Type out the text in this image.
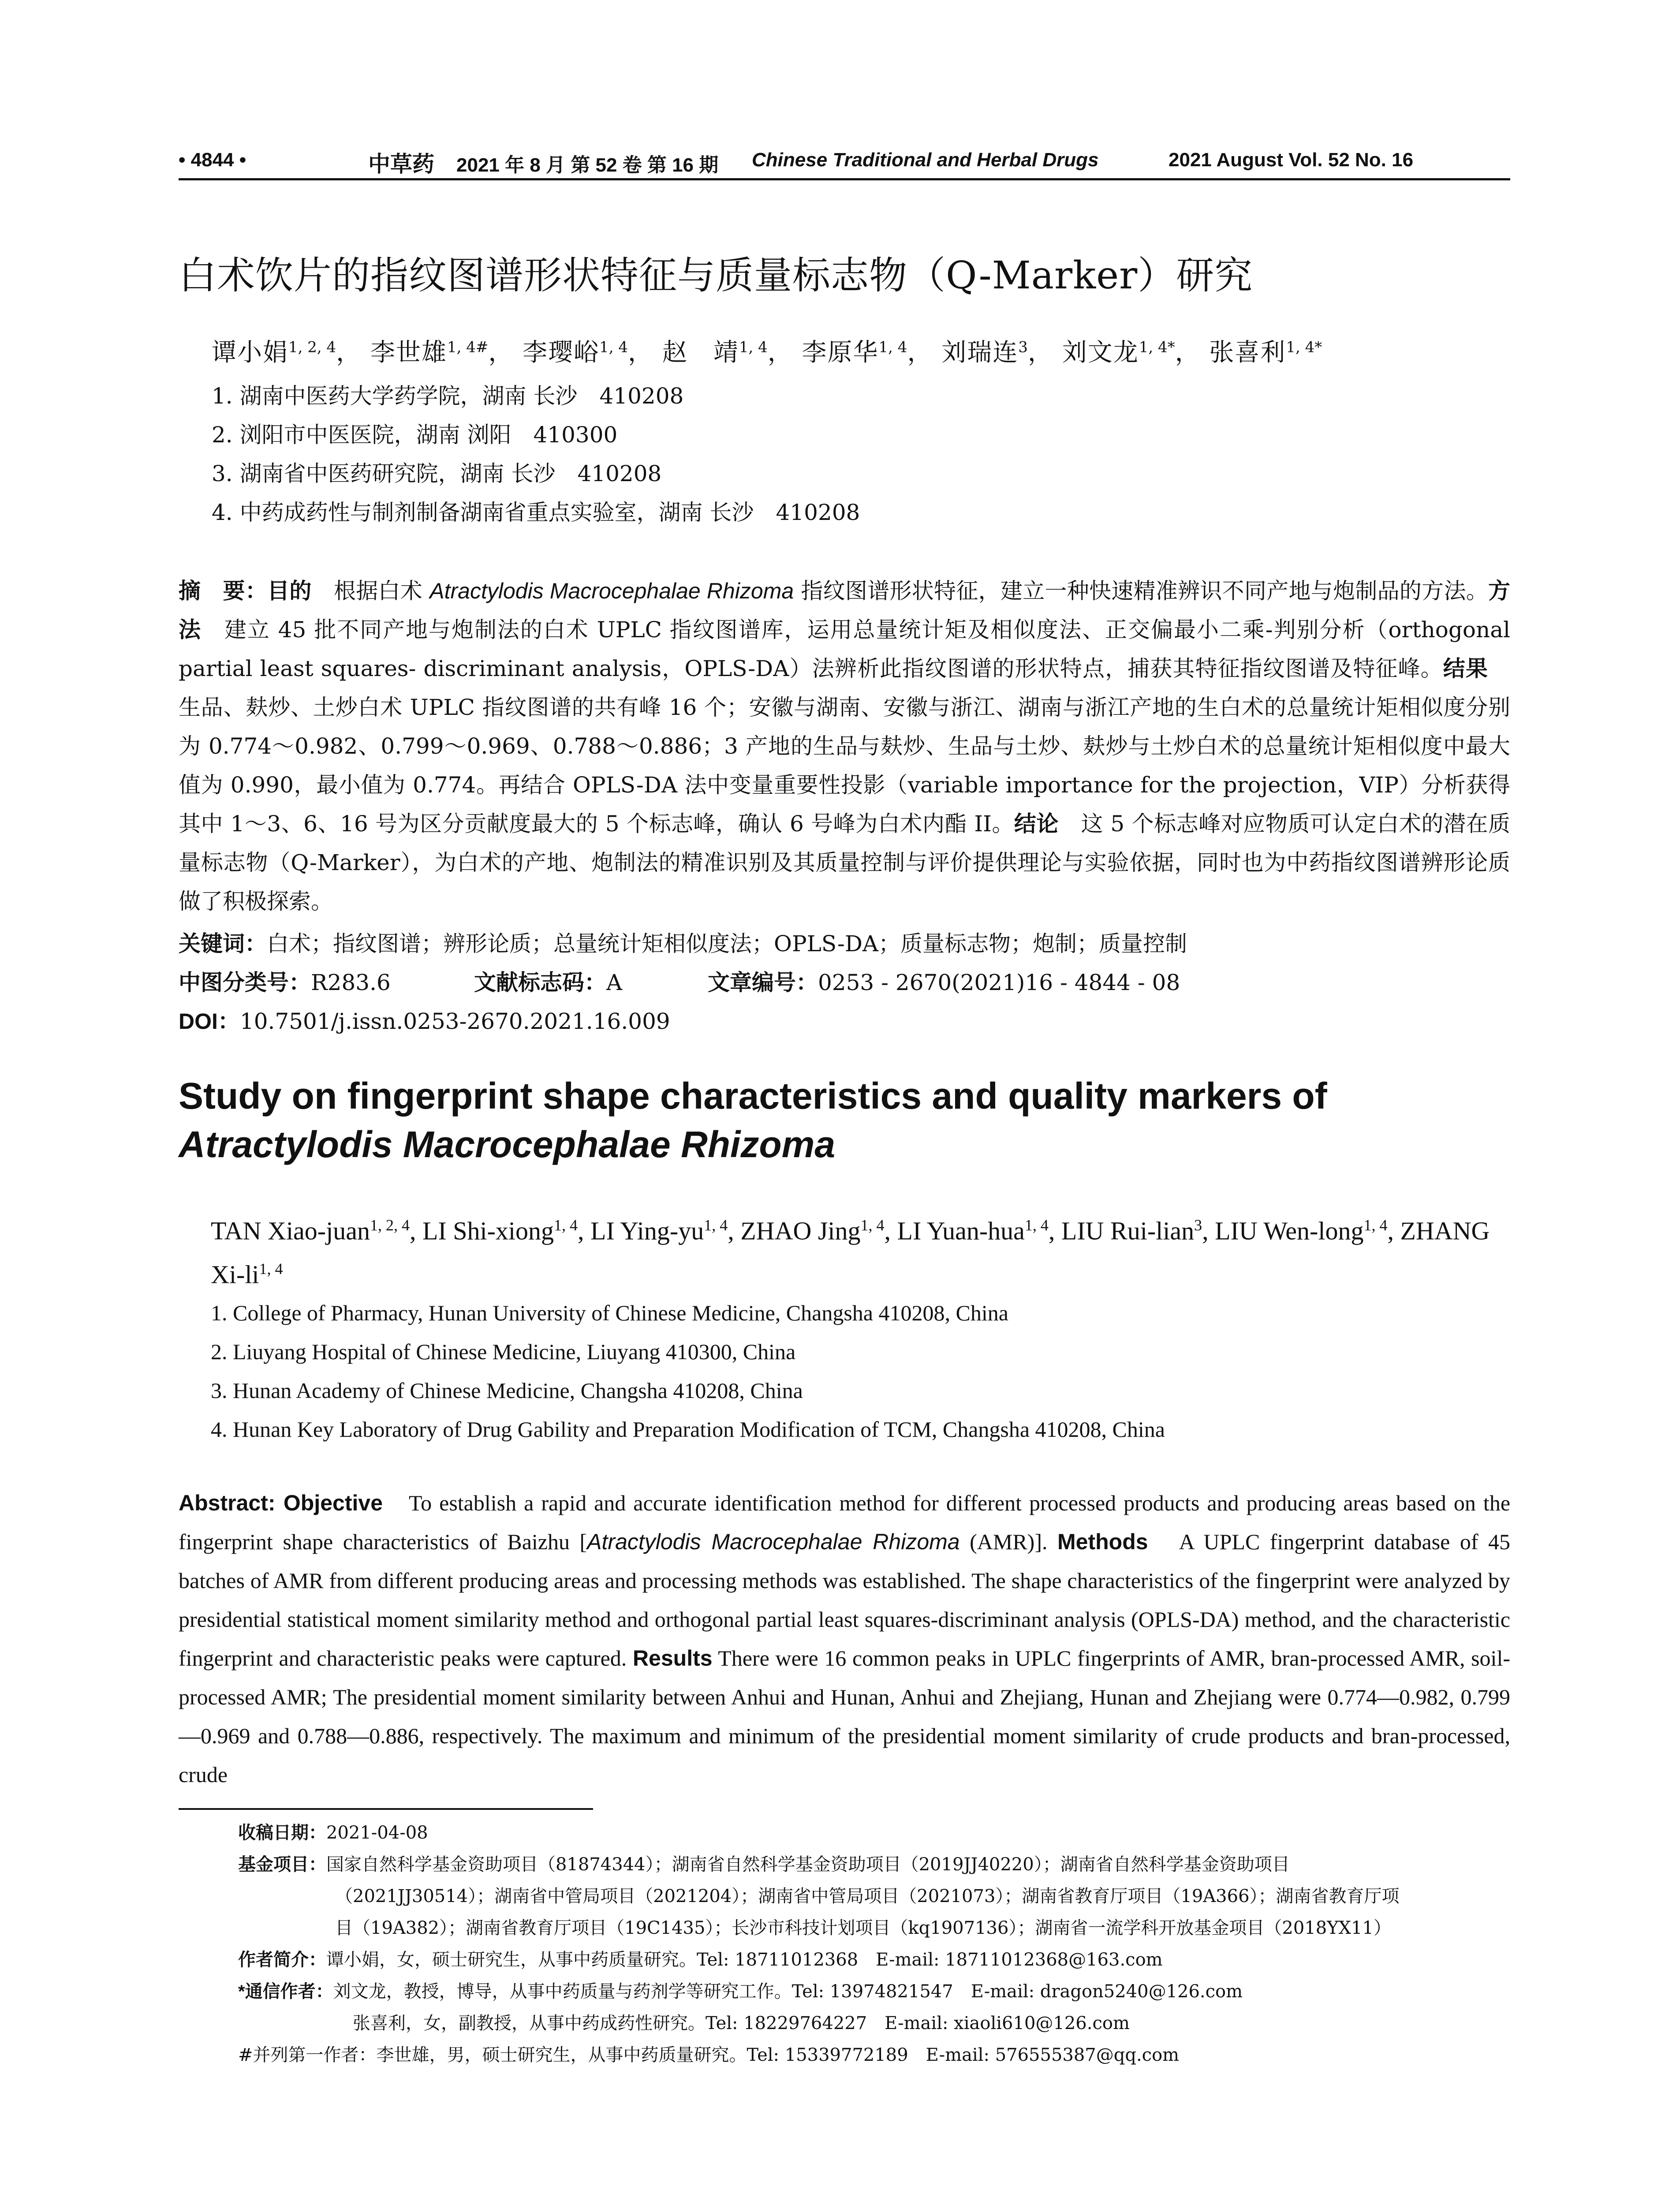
• 4844 •	中草药 2021 年 8 月 第 52 卷 第 16 期 Chinese Traditional and Herbal Drugs	2021 August Vol. 52 No. 16
白术饮片的指纹图谱形状特征与质量标志物（Q-Marker）研究
谭小娟$^{1, 2, 4}$， 李世雄$^{1, 4\#}$， 李璎峪$^{1, 4}$， 赵　靖$^{1, 4}$， 李原华$^{1, 4}$， 刘瑞连$^3$， 刘文龙$^{1, 4*}$， 张喜利$^{1, 4*}$
1. 湖南中医药大学药学院，湖南 长沙　410208
2. 浏阳市中医医院，湖南 浏阳　410300
3. 湖南省中医药研究院，湖南 长沙　410208
4. 中药成药性与制剂制备湖南省重点实验室，湖南 长沙　410208
摘　要：目的　根据白术 Atractylodis Macrocephalae Rhizoma 指纹图谱形状特征，建立一种快速精准辨识不同产地与炮制品的方法。方法　建立 45 批不同产地与炮制法的白术 UPLC 指纹图谱库，运用总量统计矩及相似度法、正交偏最小二乘-判别分析（orthogonal partial least squares- discriminant analysis，OPLS-DA）法辨析此指纹图谱的形状特点，捕获其特征指纹图谱及特征峰。结果　生品、麸炒、土炒白术 UPLC 指纹图谱的共有峰 16 个；安徽与湖南、安徽与浙江、湖南与浙江产地的生白术的总量统计矩相似度分别为 0.774～0.982、0.799～0.969、0.788～0.886；3 产地的生品与麸炒、生品与土炒、麸炒与土炒白术的总量统计矩相似度中最大值为 0.990，最小值为 0.774。再结合 OPLS-DA 法中变量重要性投影（variable importance for the projection，VIP）分析获得其中 1～3、6、16 号为区分贡献度最大的 5 个标志峰，确认 6 号峰为白术内酯 II。结论　这 5 个标志峰对应物质可认定白术的潜在质量标志物（Q-Marker），为白术的产地、炮制法的精准识别及其质量控制与评价提供理论与实验依据，同时也为中药指纹图谱辨形论质做了积极探索。
关键词：白术；指纹图谱；辨形论质；总量统计矩相似度法；OPLS-DA；质量标志物；炮制；质量控制
中图分类号：R283.6	文献标志码：A	文章编号：0253 - 2670(2021)16 - 4844 - 08
DOI：10.7501/j.issn.0253-2670.2021.16.009
Study on fingerprint shape characteristics and quality markers of Atractylodis Macrocephalae Rhizoma
TAN Xiao-juan$^{1, 2, 4}$, LI Shi-xiong$^{1, 4}$, LI Ying-yu$^{1, 4}$, ZHAO Jing$^{1, 4}$, LI Yuan-hua$^{1, 4}$, LIU Rui-lian$^3$, LIU Wen-long$^{1, 4}$, ZHANG Xi-li$^{1, 4}$
1. College of Pharmacy, Hunan University of Chinese Medicine, Changsha 410208, China
2. Liuyang Hospital of Chinese Medicine, Liuyang 410300, China
3. Hunan Academy of Chinese Medicine, Changsha 410208, China
4. Hunan Key Laboratory of Drug Gability and Preparation Modification of TCM, Changsha 410208, China
Abstract: Objective　To establish a rapid and accurate identification method for different processed products and producing areas based on the fingerprint shape characteristics of Baizhu [Atractylodis Macrocephalae Rhizoma (AMR)]. Methods　A UPLC fingerprint database of 45 batches of AMR from different producing areas and processing methods was established. The shape characteristics of the fingerprint were analyzed by presidential statistical moment similarity method and orthogonal partial least squares-discriminant analysis (OPLS-DA) method, and the characteristic fingerprint and characteristic peaks were captured. Results There were 16 common peaks in UPLC fingerprints of AMR, bran-processed AMR, soil-processed AMR; The presidential moment similarity between Anhui and Hunan, Anhui and Zhejiang, Hunan and Zhejiang were 0.774—0.982, 0.799—0.969 and 0.788—0.886, respectively. The maximum and minimum of the presidential moment similarity of crude products and bran-processed, crude
收稿日期：2021-04-08
基金项目：国家自然科学基金资助项目（81874344）；湖南省自然科学基金资助项目（2019JJ40220）；湖南省自然科学基金资助项目
（2021JJ30514）；湖南省中管局项目（2021204）；湖南省中管局项目（2021073）；湖南省教育厅项目（19A366）；湖南省教育厅项
目（19A382）；湖南省教育厅项目（19C1435）；长沙市科技计划项目（kq1907136）；湖南省一流学科开放基金项目（2018YX11）
作者简介：谭小娟，女，硕士研究生，从事中药质量研究。Tel: 18711012368　E-mail: 18711012368@163.com
*通信作者：刘文龙，教授，博导，从事中药质量与药剂学等研究工作。Tel: 13974821547　E-mail: dragon5240@126.com
张喜利，女，副教授，从事中药成药性研究。Tel: 18229764227　E-mail: xiaoli610@126.com
#并列第一作者：李世雄，男，硕士研究生，从事中药质量研究。Tel: 15339772189　E-mail: 576555387@qq.com
